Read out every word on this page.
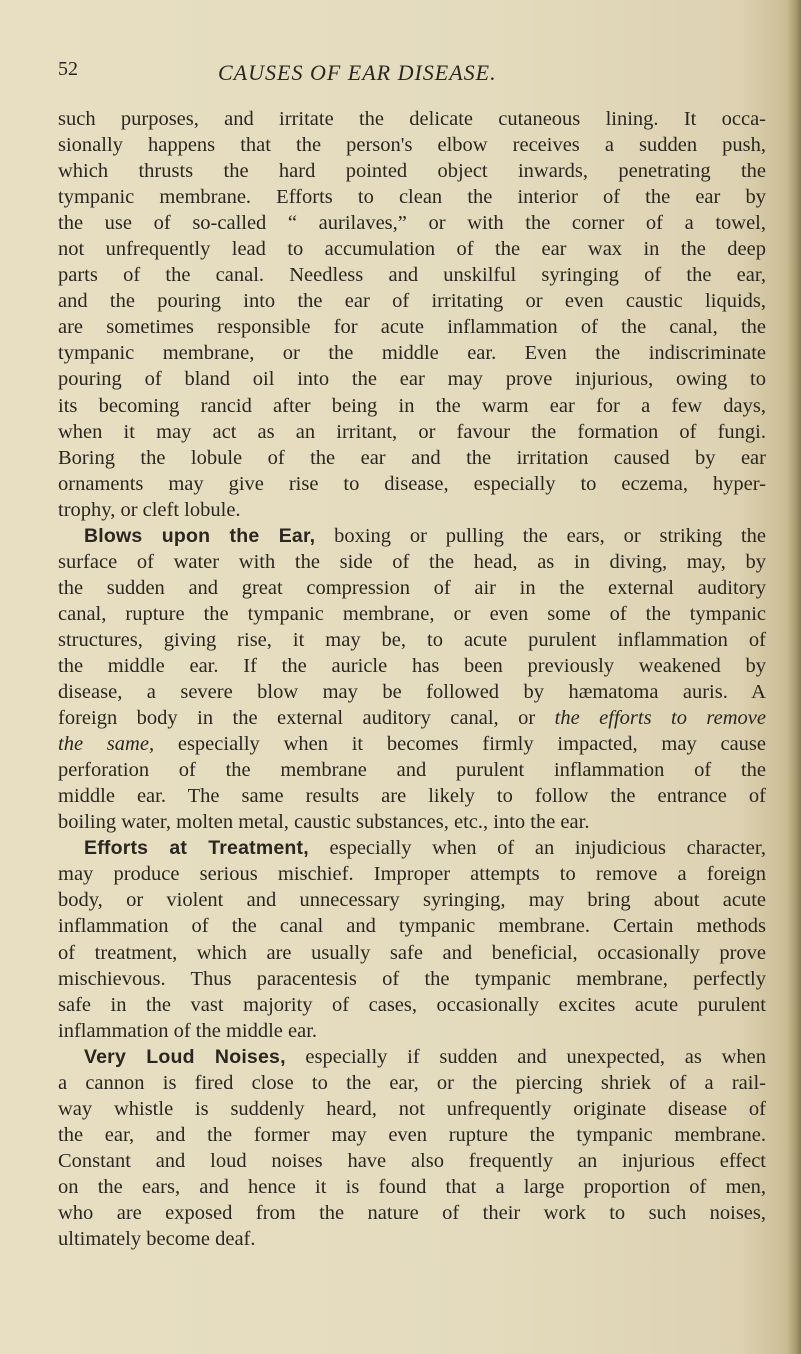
52	CAUSES OF EAR DISEASE.
such purposes, and irritate the delicate cutaneous lining. It occa-
sionally happens that the person's elbow receives a sudden push,
which thrusts the hard pointed object inwards, penetrating the
tympanic membrane. Efforts to clean the interior of the ear by
the use of so-called “ aurilaves,” or with the corner of a towel,
not unfrequently lead to accumulation of the ear wax in the deep
parts of the canal. Needless and unskilful syringing of the ear,
and the pouring into the ear of irritating or even caustic liquids,
are sometimes responsible for acute inflammation of the canal, the
tympanic membrane, or the middle ear. Even the indiscriminate
pouring of bland oil into the ear may prove injurious, owing to
its becoming rancid after being in the warm ear for a few days,
when it may act as an irritant, or favour the formation of fungi.
Boring the lobule of the ear and the irritation caused by ear
ornaments may give rise to disease, especially to eczema, hyper-
trophy, or cleft lobule.
Blows upon the Ear, boxing or pulling the ears, or striking the
surface of water with the side of the head, as in diving, may, by
the sudden and great compression of air in the external auditory
canal, rupture the tympanic membrane, or even some of the tympanic
structures, giving rise, it may be, to acute purulent inflammation of
the middle ear. If the auricle has been previously weakened by
disease, a severe blow may be followed by hæmatoma auris. A
foreign body in the external auditory canal, or the efforts to remove
the same, especially when it becomes firmly impacted, may cause
perforation of the membrane and purulent inflammation of the
middle ear. The same results are likely to follow the entrance of
boiling water, molten metal, caustic substances, etc., into the ear.
Efforts at Treatment, especially when of an injudicious character,
may produce serious mischief. Improper attempts to remove a foreign
body, or violent and unnecessary syringing, may bring about acute
inflammation of the canal and tympanic membrane. Certain methods
of treatment, which are usually safe and beneficial, occasionally prove
mischievous. Thus paracentesis of the tympanic membrane, perfectly
safe in the vast majority of cases, occasionally excites acute purulent
inflammation of the middle ear.
Very Loud Noises, especially if sudden and unexpected, as when
a cannon is fired close to the ear, or the piercing shriek of a rail-
way whistle is suddenly heard, not unfrequently originate disease of
the ear, and the former may even rupture the tympanic membrane.
Constant and loud noises have also frequently an injurious effect
on the ears, and hence it is found that a large proportion of men,
who are exposed from the nature of their work to such noises,
ultimately become deaf.
